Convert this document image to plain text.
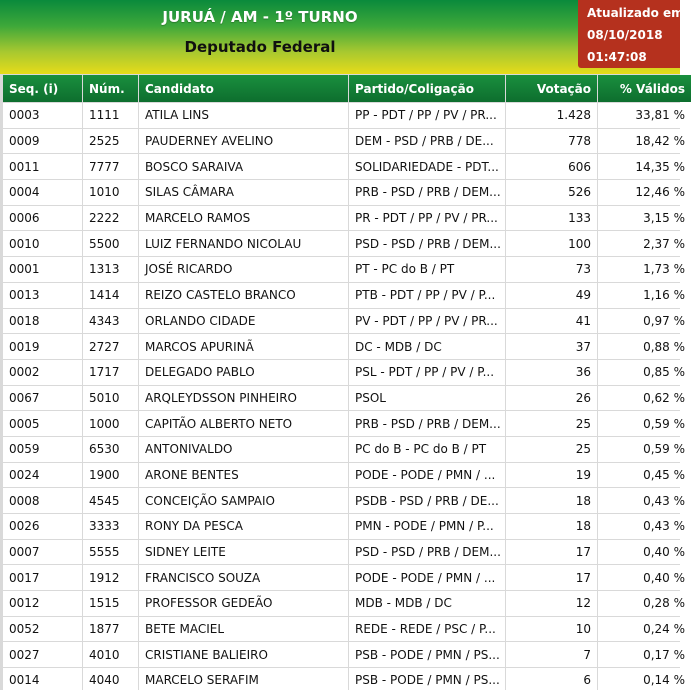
JURUÁ / AM - 1º TURNO
Deputado Federal
Atualizado em
08/10/2018
01:47:08
Seq. (i)	Núm.	Candidato	Partido/Coligação	Votação	% Válidos
0003	1111	ATILA LINS	PP - PDT / PP / PV / PR...	1.428	33,81 %
0009	2525	PAUDERNEY AVELINO	DEM - PSD / PRB / DE...	778	18,42 %
0011	7777	BOSCO SARAIVA	SOLIDARIEDADE - PDT...	606	14,35 %
0004	1010	SILAS CÂMARA	PRB - PSD / PRB / DEM...	526	12,46 %
0006	2222	MARCELO RAMOS	PR - PDT / PP / PV / PR...	133	3,15 %
0010	5500	LUIZ FERNANDO NICOLAU	PSD - PSD / PRB / DEM...	100	2,37 %
0001	1313	JOSÉ RICARDO	PT - PC do B / PT	73	1,73 %
0013	1414	REIZO CASTELO BRANCO	PTB - PDT / PP / PV / P...	49	1,16 %
0018	4343	ORLANDO CIDADE	PV - PDT / PP / PV / PR...	41	0,97 %
0019	2727	MARCOS APURINÃ	DC - MDB / DC	37	0,88 %
0002	1717	DELEGADO PABLO	PSL - PDT / PP / PV / P...	36	0,85 %
0067	5010	ARQLEYDSSON PINHEIRO	PSOL	26	0,62 %
0005	1000	CAPITÃO ALBERTO NETO	PRB - PSD / PRB / DEM...	25	0,59 %
0059	6530	ANTONIVALDO	PC do B - PC do B / PT	25	0,59 %
0024	1900	ARONE BENTES	PODE - PODE / PMN / ...	19	0,45 %
0008	4545	CONCEIÇÃO SAMPAIO	PSDB - PSD / PRB / DE...	18	0,43 %
0026	3333	RONY DA PESCA	PMN - PODE / PMN / P...	18	0,43 %
0007	5555	SIDNEY LEITE	PSD - PSD / PRB / DEM...	17	0,40 %
0017	1912	FRANCISCO SOUZA	PODE - PODE / PMN / ...	17	0,40 %
0012	1515	PROFESSOR GEDEÃO	MDB - MDB / DC	12	0,28 %
0052	1877	BETE MACIEL	REDE - REDE / PSC / P...	10	0,24 %
0027	4010	CRISTIANE BALIEIRO	PSB - PODE / PMN / PS...	7	0,17 %
0014	4040	MARCELO SERAFIM	PSB - PODE / PMN / PS...	6	0,14 %
